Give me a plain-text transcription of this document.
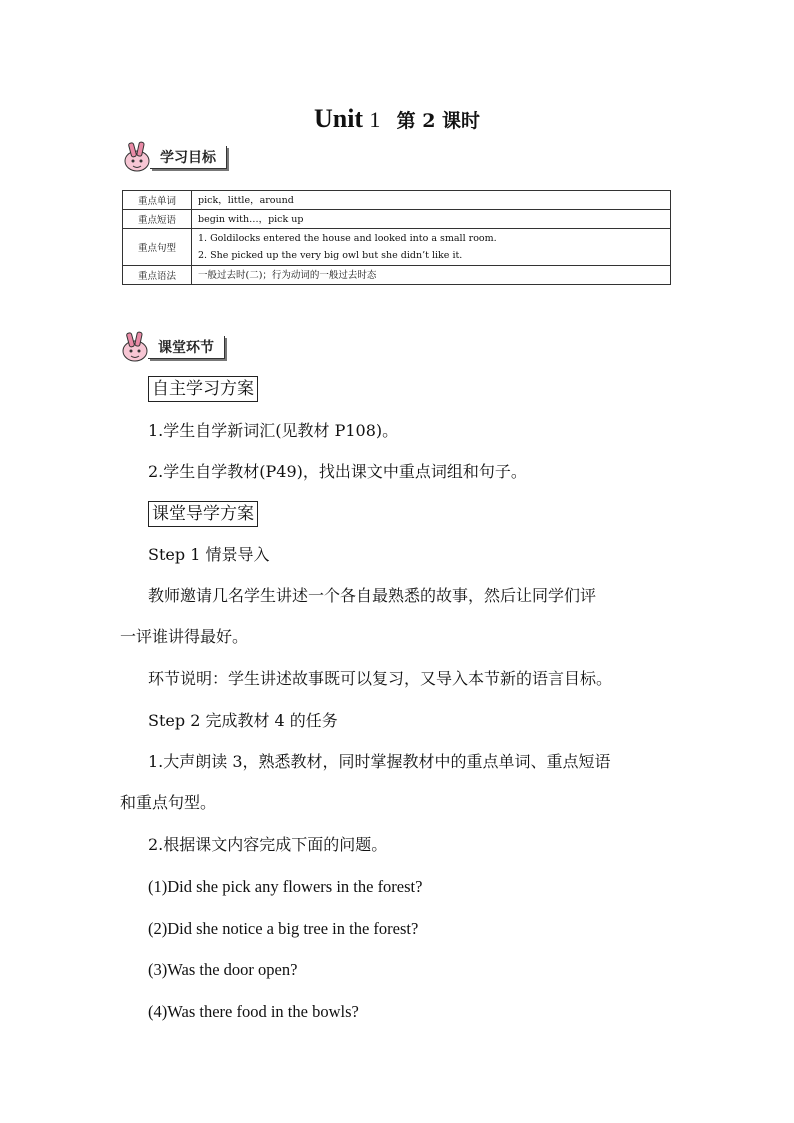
Unit 1 第 2 课时
学习目标
重点单词	pick，little，around

重点短语	begin with…，pick up

重点句型	1. Goldilocks entered the house and looked into a small room.
2. She picked up the very big owl but she didn’t like it.

重点语法	一般过去时(二)；行为动词的一般过去时态
课堂环节
自主学习方案
1.学生自学新词汇(见教材 P108)。
2.学生自学教材(P49)，找出课文中重点词组和句子。
课堂导学方案
Step 1 情景导入
教师邀请几名学生讲述一个各自最熟悉的故事，然后让同学们评
一评谁讲得最好。
环节说明：学生讲述故事既可以复习，又导入本节新的语言目标。
Step 2 完成教材 4 的任务
1.大声朗读 3，熟悉教材，同时掌握教材中的重点单词、重点短语
和重点句型。
2.根据课文内容完成下面的问题。
(1)Did she pick any flowers in the forest?
(2)Did she notice a big tree in the forest?
(3)Was the door open?
(4)Was there food in the bowls?
